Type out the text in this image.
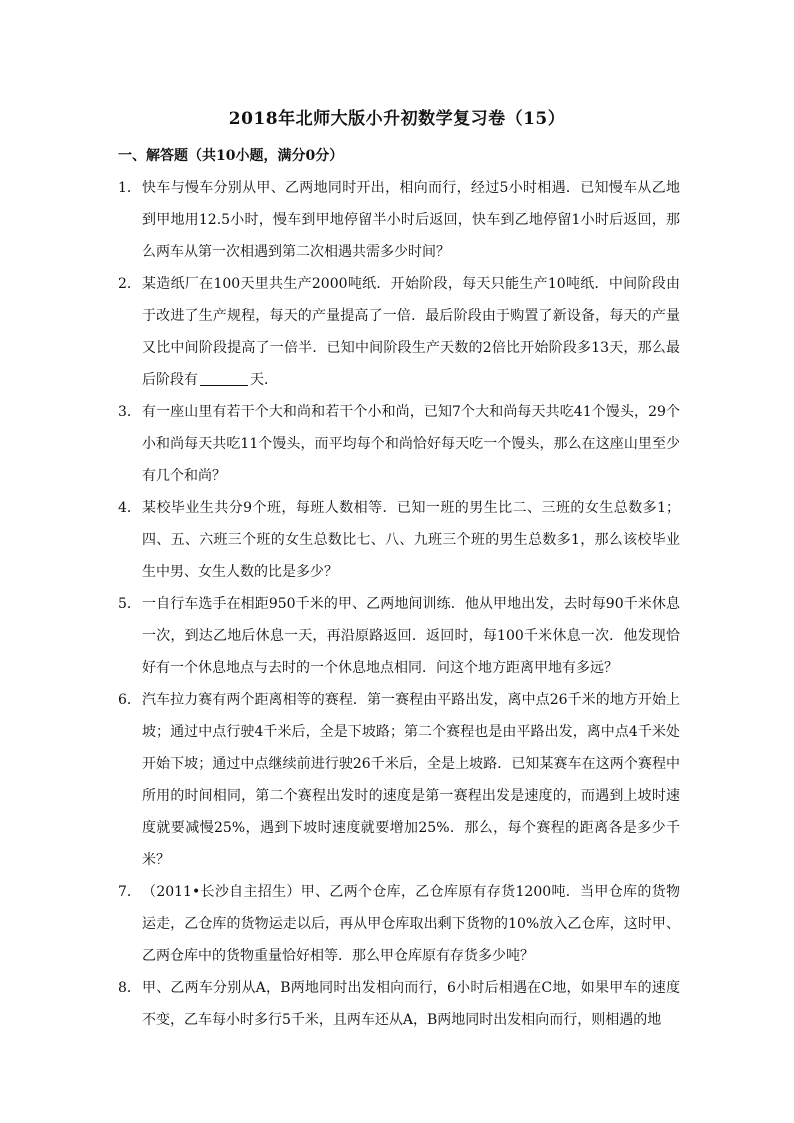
2018年北师大版小升初数学复习卷（15）
一、解答题（共10小题，满分0分）
1． 快车与慢车分别从甲、乙两地同时开出，相向而行，经过5小时相遇．已知慢车从乙地到甲地用12.5小时，慢车到甲地停留半小时后返回，快车到乙地停留1小时后返回，那么两车从第一次相遇到第二次相遇共需多少时间？
2． 某造纸厂在100天里共生产2000吨纸．开始阶段，每天只能生产10吨纸．中间阶段由于改进了生产规程，每天的产量提高了一倍．最后阶段由于购置了新设备，每天的产量又比中间阶段提高了一倍半．已知中间阶段生产天数的2倍比开始阶段多13天，那么最后阶段有	天．
3． 有一座山里有若干个大和尚和若干个小和尚，已知7个大和尚每天共吃41个馒头，29个小和尚每天共吃11个馒头，而平均每个和尚恰好每天吃一个馒头，那么在这座山里至少有几个和尚？
4． 某校毕业生共分9个班，每班人数相等．已知一班的男生比二、三班的女生总数多1；四、五、六班三个班的女生总数比七、八、九班三个班的男生总数多1，那么该校毕业生中男、女生人数的比是多少？
5． 一自行车选手在相距950千米的甲、乙两地间训练．他从甲地出发，去时每90千米休息一次，到达乙地后休息一天，再沿原路返回．返回时，每100千米休息一次．他发现恰好有一个休息地点与去时的一个休息地点相同．问这个地方距离甲地有多远？
6． 汽车拉力赛有两个距离相等的赛程．第一赛程由平路出发，离中点26千米的地方开始上坡；通过中点行驶4千米后，全是下坡路；第二个赛程也是由平路出发，离中点4千米处开始下坡；通过中点继续前进行驶26千米后，全是上坡路．已知某赛车在这两个赛程中所用的时间相同，第二个赛程出发时的速度是第一赛程出发是速度的，而遇到上坡时速度就要减慢25%，遇到下坡时速度就要增加25%．那么，每个赛程的距离各是多少千米？
7． （2011•长沙自主招生）甲、乙两个仓库，乙仓库原有存货1200吨．当甲仓库的货物运走，乙仓库的货物运走以后，再从甲仓库取出剩下货物的10%放入乙仓库，这时甲、乙两仓库中的货物重量恰好相等．那么甲仓库原有存货多少吨？
8． 甲、乙两车分别从A，B两地同时出发相向而行，6小时后相遇在C地，如果甲车的速度不变，乙车每小时多行5千米，且两车还从A，B两地同时出发相向而行，则相遇的地
